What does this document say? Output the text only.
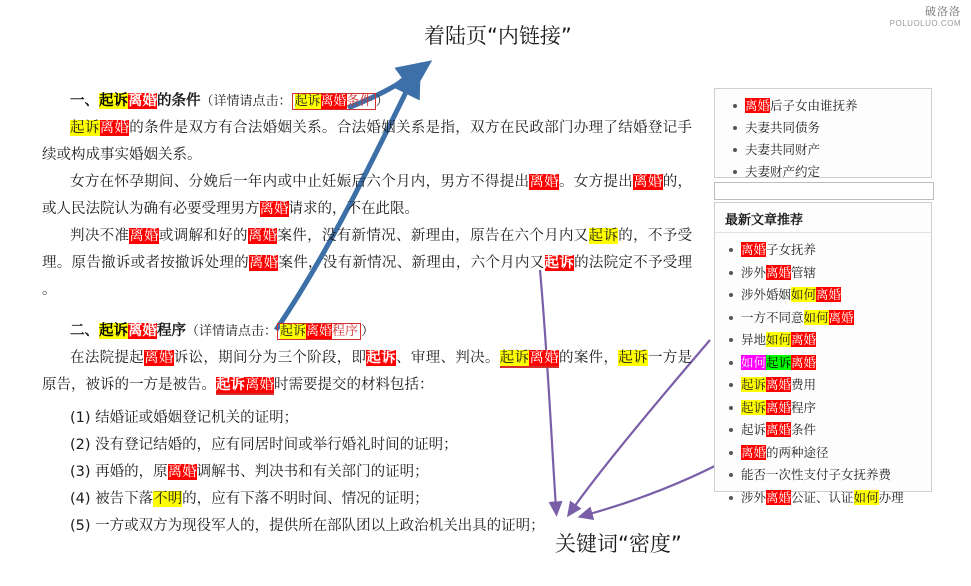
破洛洛
POLUOLUO.COM
着陆页“内链接”
关键词“密度”

一、起诉离婚的条件（详情请点击： 起诉离婚条件 ）

起诉离婚的条件是双方有合法婚姻关系。合法婚姻关系是指，双方在民政部门办理了结婚登记手续或构成事实婚姻关系。

女方在怀孕期间、分娩后一年内或中止妊娠后六个月内，男方不得提出离婚。女方提出离婚的，或人民法院认为确有必要受理男方离婚请求的，不在此限。

判决不准离婚或调解和好的离婚案件，没有新情况、新理由，原告在六个月内又起诉的，不予受理。原告撤诉或者按撤诉处理的离婚案件，没有新情况、新理由，六个月内又起诉的法院定不予受理 。

二、起诉离婚程序（详情请点击： 起诉离婚程序 ）

在法院提起离婚诉讼，期间分为三个阶段，即起诉、审理、判决。起诉离婚的案件，起诉一方是原告，被诉的一方是被告。起诉离婚时需要提交的材料包括：

(1) 结婚证或婚姻登记机关的证明；

(2) 没有登记结婚的，应有同居时间或举行婚礼时间的证明；

(3) 再婚的，原离婚调解书、判决书和有关部门的证明；

(4) 被告下落不明的，应有下落不明时间、情况的证明；

(5) 一方或双方为现役军人的，提供所在部队团以上政治机关出具的证明；

离婚后子女由谁抚养
夫妻共同债务
夫妻共同财产
夫妻财产约定
最新文章推荐
离婚子女抚养
涉外离婚管辖
涉外婚姻如何离婚
一方不同意如何离婚
异地如何离婚
如何起诉离婚
起诉离婚费用
起诉离婚程序
起诉离婚条件
离婚的两种途径
能否一次性支付子女抚养费
涉外离婚公证、认证如何办理
